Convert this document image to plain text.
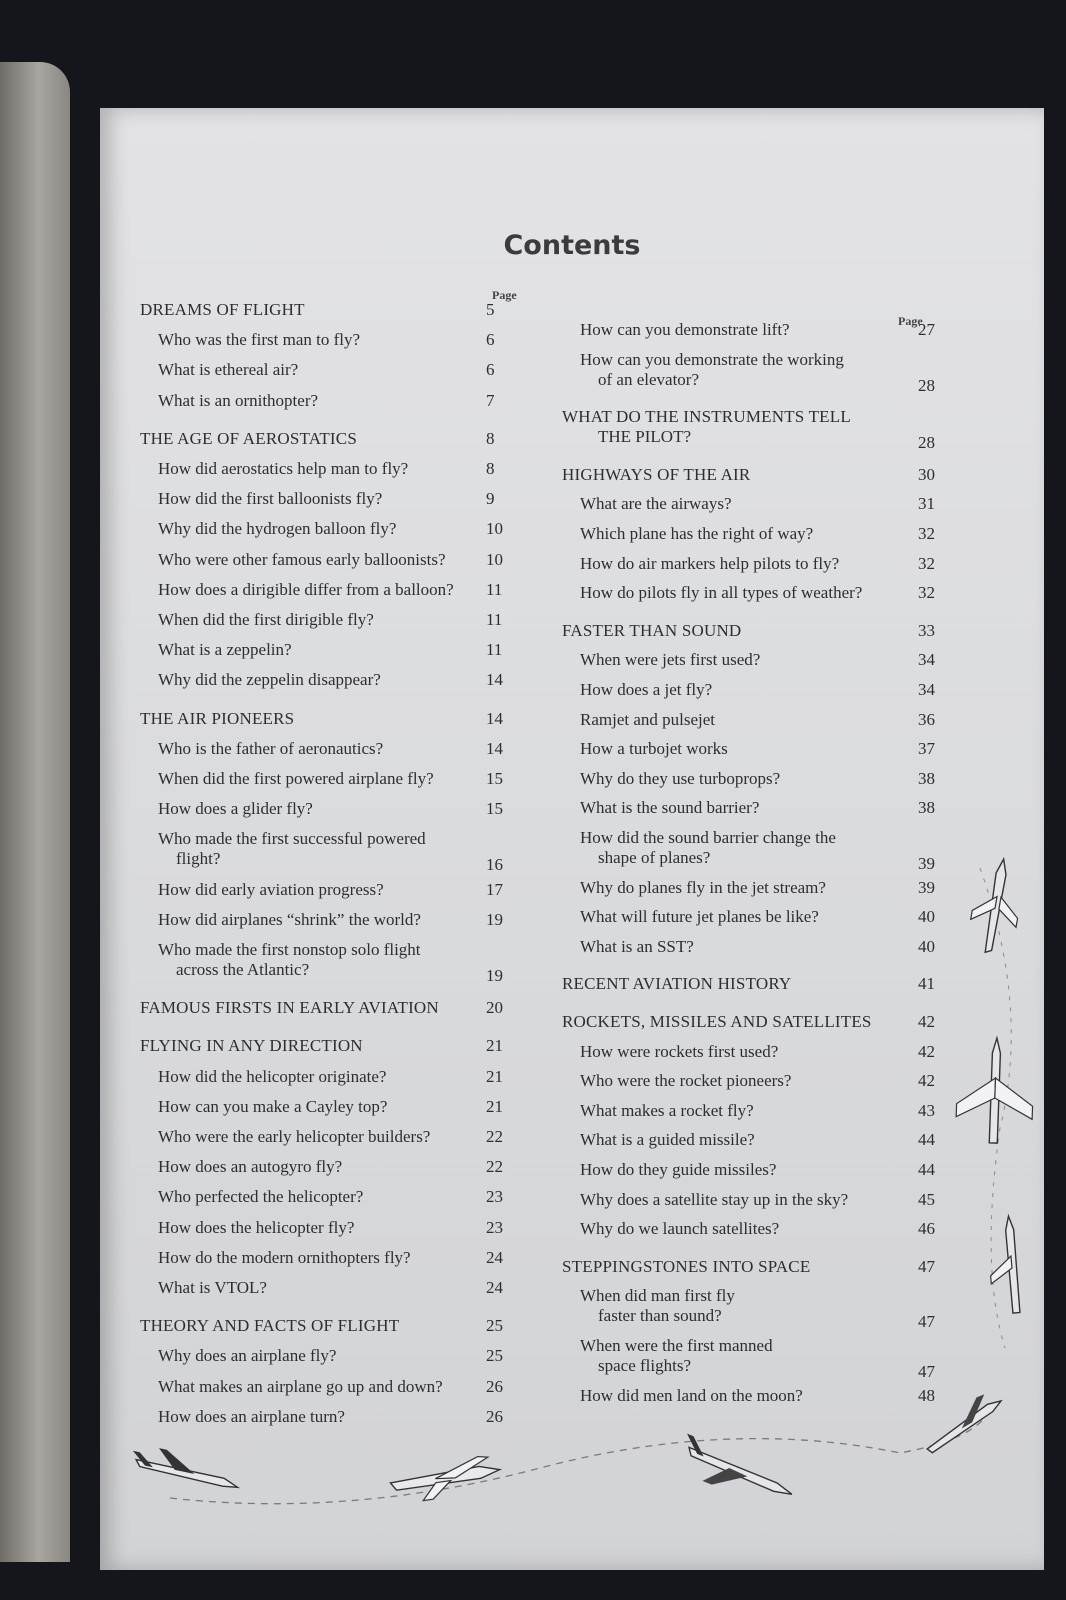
Contents
Page
Page
DREAMS OF FLIGHT	5
Who was the first man to fly?	6
What is ethereal air?	6
What is an ornithopter?	7
THE AGE OF AEROSTATICS	8
How did aerostatics help man to fly?	8
How did the first balloonists fly?	9
Why did the hydrogen balloon fly?	10
Who were other famous early balloonists? 10
How does a dirigible differ from a balloon? 11
When did the first dirigible fly?	11
What is a zeppelin?	11
Why did the zeppelin disappear?	14
THE AIR PIONEERS	14
Who is the father of aeronautics?	14
When did the first powered airplane fly?	15
How does a glider fly?	15
Who made the first successful powered
flight?	16
How did early aviation progress?	17
How did airplanes “shrink” the world?	19
Who made the first nonstop solo flight
across the Atlantic?	19
FAMOUS FIRSTS IN EARLY AVIATION	20
FLYING IN ANY DIRECTION	21
How did the helicopter originate?	21
How can you make a Cayley top?	21
Who were the early helicopter builders?	22
How does an autogyro fly?	22
Who perfected the helicopter?	23
How does the helicopter fly?	23
How do the modern ornithopters fly?	24
What is VTOL?	24
THEORY AND FACTS OF FLIGHT	25
Why does an airplane fly?	25
What makes an airplane go up and down?	26
How does an airplane turn?	26
How can you demonstrate lift?	27
How can you demonstrate the working
of an elevator?	28
WHAT DO THE INSTRUMENTS TELL
THE PILOT?	28
HIGHWAYS OF THE AIR	30
What are the airways?	31
Which plane has the right of way?	32
How do air markers help pilots to fly?	32
How do pilots fly in all types of weather?	32
FASTER THAN SOUND	33
When were jets first used?	34
How does a jet fly?	34
Ramjet and pulsejet	36
How a turbojet works	37
Why do they use turboprops?	38
What is the sound barrier?	38
How did the sound barrier change the
shape of planes?	39
Why do planes fly in the jet stream?	39
What will future jet planes be like?	40
What is an SST?	40
RECENT AVIATION HISTORY	41
ROCKETS, MISSILES AND SATELLITES	42
How were rockets first used?	42
Who were the rocket pioneers?	42
What makes a rocket fly?	43
What is a guided missile?	44
How do they guide missiles?	44
Why does a satellite stay up in the sky?	45
Why do we launch satellites?	46
STEPPINGSTONES INTO SPACE	47
When did man first fly
faster than sound?	47
When were the first manned
space flights?	47
How did men land on the moon?	48
